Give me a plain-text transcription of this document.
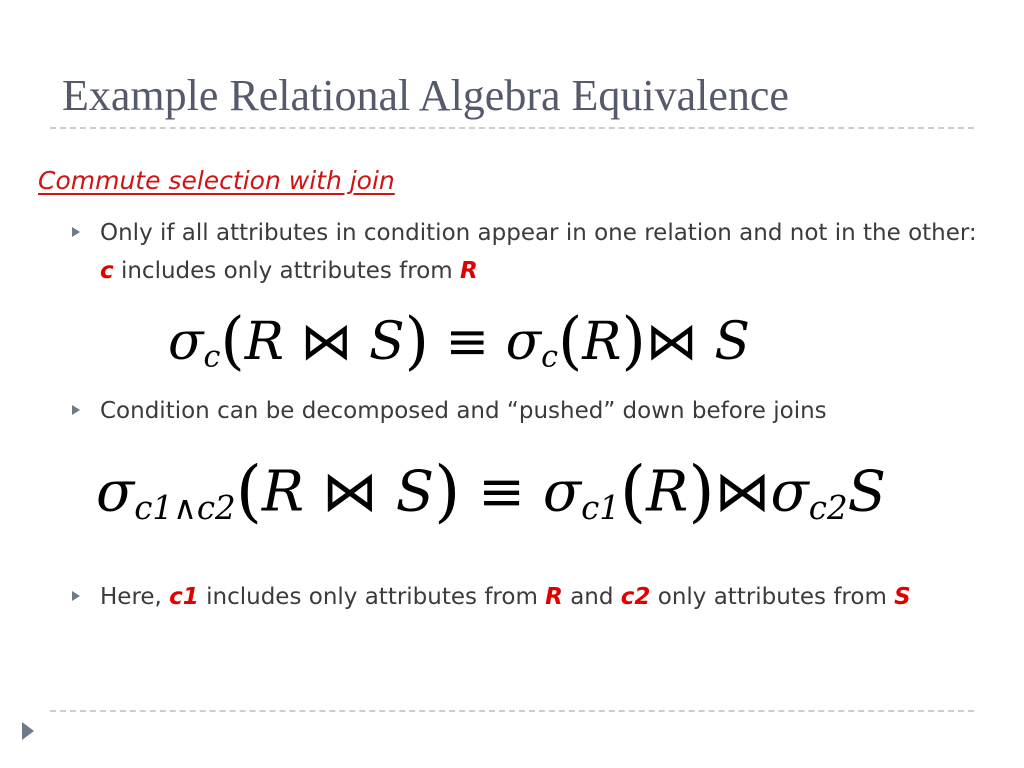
Example Relational Algebra Equivalence
Commute selection with join
Only if all attributes in condition appear in one relation and not in the other: c includes only attributes from R
$\sigma_c(R$ ⋈ $S) \equiv \sigma_c(R)⋈$ S
Condition can be decomposed and “pushed” down before joins
$\sigma_{c1\wedge c2}(R$ ⋈ $S) \equiv \sigma_{c1}(R)⋈\sigma_{c2}S$
Here, c1 includes only attributes from R and c2 only attributes from S
